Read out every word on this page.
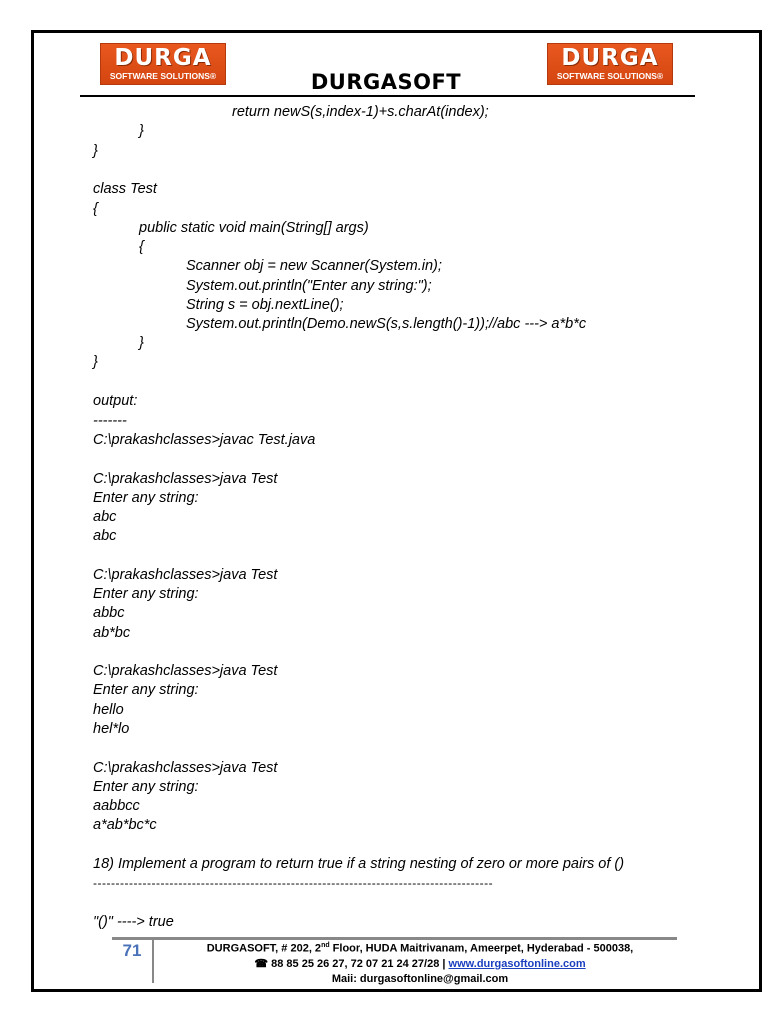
DURGA
SOFTWARE SOLUTIONS®	DURGASOFT
DURGA
SOFTWARE SOLUTIONS®

return newS(s,index-1)+s.charAt(index);

}

}

class Test

{

public static void main(String[] args)

{

Scanner obj = new Scanner(System.in);

System.out.println("Enter any string:");

String s = obj.nextLine();

System.out.println(Demo.newS(s,s.length()-1));//abc ---> a*b*c

}

}

output:

-------

C:\prakashclasses>javac Test.java

C:\prakashclasses>java Test

Enter any string:

abc

abc

C:\prakashclasses>java Test

Enter any string:

abbc

ab*bc

C:\prakashclasses>java Test

Enter any string:

hello

hel*lo

C:\prakashclasses>java Test

Enter any string:

aabbcc

a*ab*bc*c

18) Implement a program to return true if a string nesting of zero or more pairs of ()

-----------------------------------------------------------------------------------------

"()" ----> true

71	DURGASOFT, # 202, 2nd Floor, HUDA Maitrivanam, Ameerpet, Hyderabad - 500038,
☎ 88 85 25 26 27, 72 07 21 24 27/28 | www.durgasoftonline.com
Maii: durgasoftonline@gmail.com
